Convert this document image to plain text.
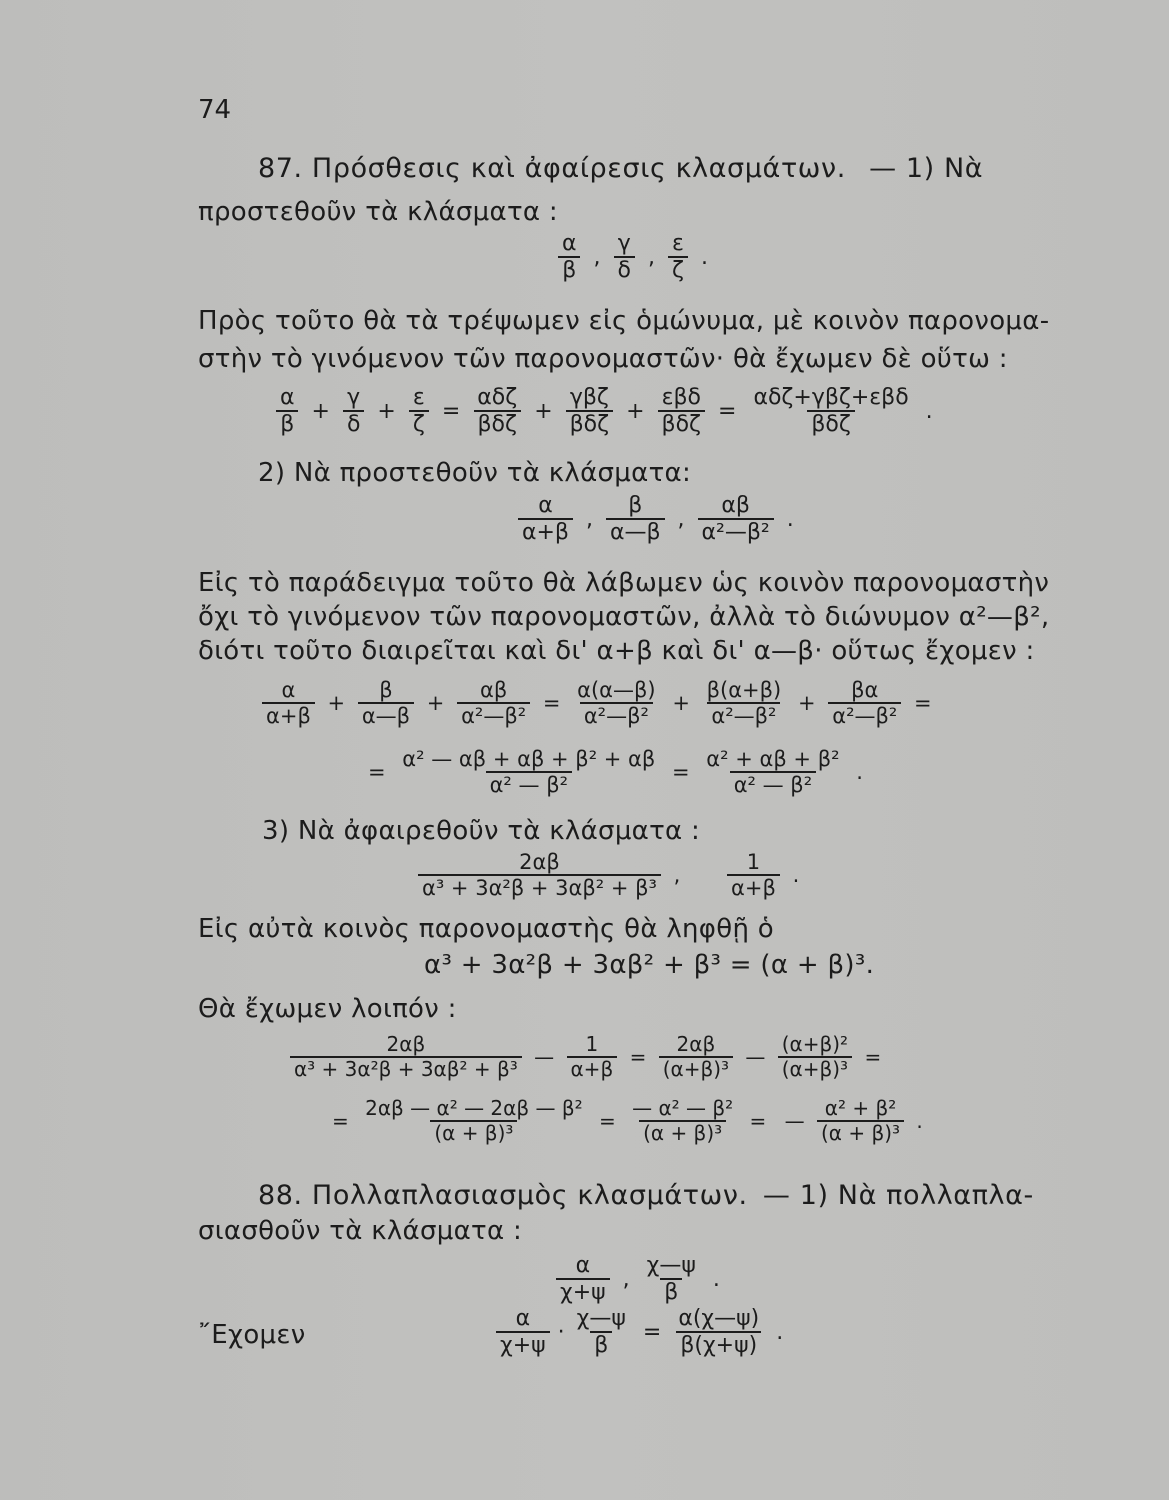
74
87. Πρόσθεσις καὶ ἀφαίρεσις κλασμάτων. — 1) Νὰ
προστεθοῦν τὰ κλάσματα :
$\frac{\alpha}{\beta}$ , $\frac{\gamma}{\delta}$ , $\frac{\varepsilon}{\zeta}$ .
Πρὸς τοῦτο θὰ τὰ τρέψωμεν εἰς ὁμώνυμα, μὲ κοινὸν παρονομα-
στὴν τὸ γινόμενον τῶν παρονομαστῶν· θὰ ἔχωμεν δὲ οὕτω :
$\frac{\alpha}{\beta} + \frac{\gamma}{\delta} + \frac{\varepsilon}{\zeta} = \frac{\text{αδζ}}{\text{βδζ}} + \frac{\text{γβζ}}{\text{βδζ}} + \frac{\text{εβδ}}{\text{βδζ}} = \frac{\text{αδζ+γβζ+εβδ}}{\text{βδζ}}$ .
2) Νὰ προστεθοῦν τὰ κλάσματα:
$\frac{\alpha}{\alpha+\beta}$ , $\frac{\beta}{\alpha—\beta}$ , $\frac{\alpha\beta}{\text{α²—β²}}$ .
Εἰς τὸ παράδειγμα τοῦτο θὰ λάβωμεν ὡς κοινὸν παρονομαστὴν
ὄχι τὸ γινόμενον τῶν παρονομαστῶν, ἀλλὰ τὸ διώνυμον α²—β²,
διότι τοῦτο διαιρεῖται καὶ δι' α+β καὶ δι' α—β· οὕτως ἔχομεν :
$\frac{\alpha}{\alpha+\beta} + \frac{\beta}{\alpha—\beta} + \frac{\alpha\beta}{\text{α²—β²}} = \frac{\alpha(\alpha—\beta)}{\text{α²—β²}} + \frac{\beta(\alpha+\beta)}{\text{α²—β²}} + \frac{\beta\alpha}{\text{α²—β²}}$ =
= $\frac{\text{α² — αβ + αβ + β² + αβ}}{\text{α² — β²}} = \frac{\text{α² + αβ + β²}}{\text{α² — β²}}$ .
3) Νὰ ἀφαιρεθοῦν τὰ κλάσματα :
$\frac{2\alpha\beta}{\text{α³ + 3α²β + 3αβ² + β³}}$ , $\frac{1}{\alpha+\beta}$ .
Εἰς αὐτὰ κοινὸς παρονομαστὴς θὰ ληφθῇ ὁ
α³ + 3α²β + 3αβ² + β³ = (α + β)³.
Θὰ ἔχωμεν λοιπόν :
$\frac{2\alpha\beta}{\text{α³ + 3α²β + 3αβ² + β³}}$ — $\frac{1}{\alpha+\beta} = \frac{2\alpha\beta}{\text{(α+β)³}}$ — $\frac{\text{(α+β)²}}{\text{(α+β)³}}$ =
= $\frac{\text{2αβ — α² — 2αβ — β²}}{\text{(α + β)³}} = \frac{\text{— α² — β²}}{\text{(α + β)³}}$ = — $\frac{\text{α² + β²}}{\text{(α + β)³}}$ .
88. Πολλαπλασιασμὸς κλασμάτων. — 1) Νὰ πολλαπλα-
σιασθοῦν τὰ κλάσματα :
$\frac{\alpha}{\chi+\psi}$ , $\frac{\chi—\psi}{\beta}$ .
῎Εχομεν	$\frac{\alpha}{\chi+\psi} \cdot \frac{\chi—\psi}{\beta} = \frac{\alpha(\chi—\psi)}{\beta(\chi+\psi)}$ .
